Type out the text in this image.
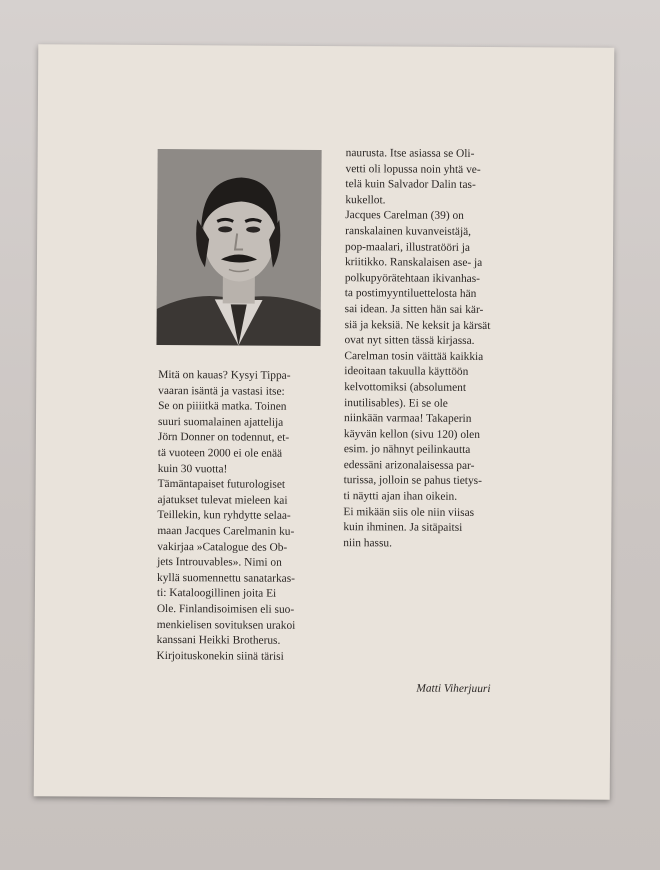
Mitä on kauas? Kysyi Tippa-

vaaran isäntä ja vastasi itse:

Se on piiiitkä matka. Toinen

suuri suomalainen ajattelija

Jörn Donner on todennut, et-

tä vuoteen 2000 ei ole enää

kuin 30 vuotta!

Tämäntapaiset futurologiset

ajatukset tulevat mieleen kai

Teillekin, kun ryhdytte selaa-

maan Jacques Carelmanin ku-

vakirjaa »Catalogue des Ob-

jets Introuvables». Nimi on

kyllä suomennettu sanatarkas-

ti: Kataloogillinen joita Ei

Ole. Finlandisoimisen eli suo-

menkielisen sovituksen urakoi

kanssani Heikki Brotherus.

Kirjoituskonekin siinä tärisi

naurusta. Itse asiassa se Oli-

vetti oli lopussa noin yhtä ve-

telä kuin Salvador Dalin tas-

kukellot.

Jacques Carelman (39) on

ranskalainen kuvanveistäjä,

pop-maalari, illustratööri ja

kriitikko. Ranskalaisen ase- ja

polkupyörätehtaan ikivanhas-

ta postimyyntiluettelosta hän

sai idean. Ja sitten hän sai kär-

siä ja keksiä. Ne keksit ja kärsät

ovat nyt sitten tässä kirjassa.

Carelman tosin väittää kaikkia

ideoitaan takuulla käyttöön

kelvottomiksi (absolument

inutilisables). Ei se ole

niinkään varmaa! Takaperin

käyvän kellon (sivu 120) olen

esim. jo nähnyt peilinkautta

edessäni arizonalaisessa par-

turissa, jolloin se pahus tietys-

ti näytti ajan ihan oikein.

Ei mikään siis ole niin viisas

kuin ihminen. Ja sitäpaitsi

niin hassu.

Matti Viherjuuri
